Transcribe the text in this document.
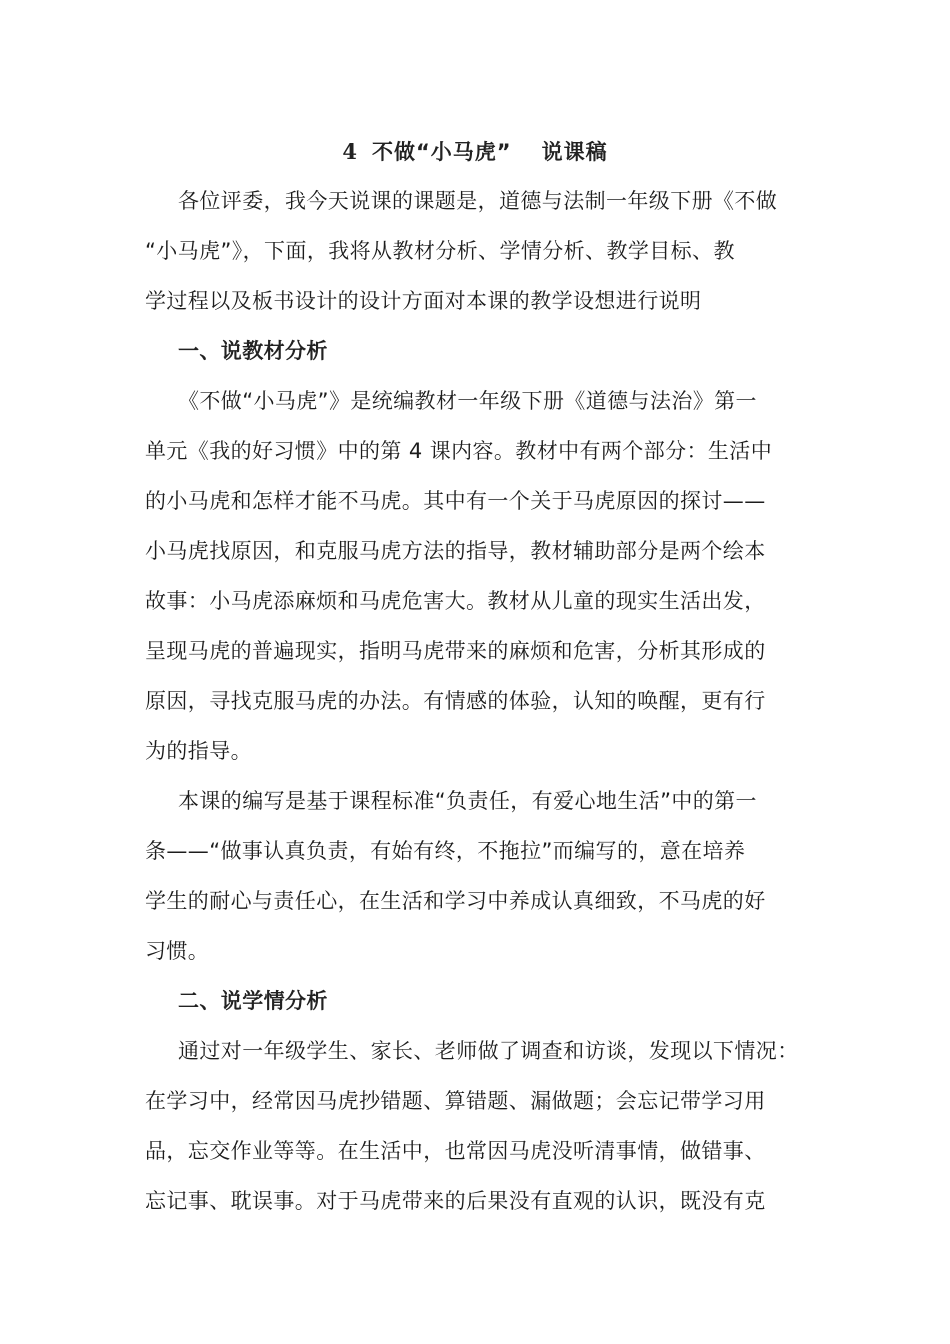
4 不做“小马虎” 说课稿
各位评委，我今天说课的课题是，道德与法制一年级下册《不做
“小马虎”》，下面，我将从教材分析、学情分析、教学目标、教
学过程以及板书设计的设计方面对本课的教学设想进行说明
一、说教材分析
《不做“小马虎”》是统编教材一年级下册《道德与法治》第一
单元《我的好习惯》中的第 4 课内容。教材中有两个部分：生活中
的小马虎和怎样才能不马虎。其中有一个关于马虎原因的探讨——
小马虎找原因，和克服马虎方法的指导，教材辅助部分是两个绘本
故事：小马虎添麻烦和马虎危害大。教材从儿童的现实生活出发，
呈现马虎的普遍现实，指明马虎带来的麻烦和危害，分析其形成的
原因，寻找克服马虎的办法。有情感的体验，认知的唤醒，更有行
为的指导。
本课的编写是基于课程标准“负责任，有爱心地生活”中的第一
条——“做事认真负责，有始有终，不拖拉”而编写的，意在培养
学生的耐心与责任心，在生活和学习中养成认真细致，不马虎的好
习惯。
二、说学情分析
通过对一年级学生、家长、老师做了调查和访谈，发现以下情况：
在学习中，经常因马虎抄错题、算错题、漏做题；会忘记带学习用
品，忘交作业等等。在生活中，也常因马虎没听清事情，做错事、
忘记事、耽误事。对于马虎带来的后果没有直观的认识，既没有克
